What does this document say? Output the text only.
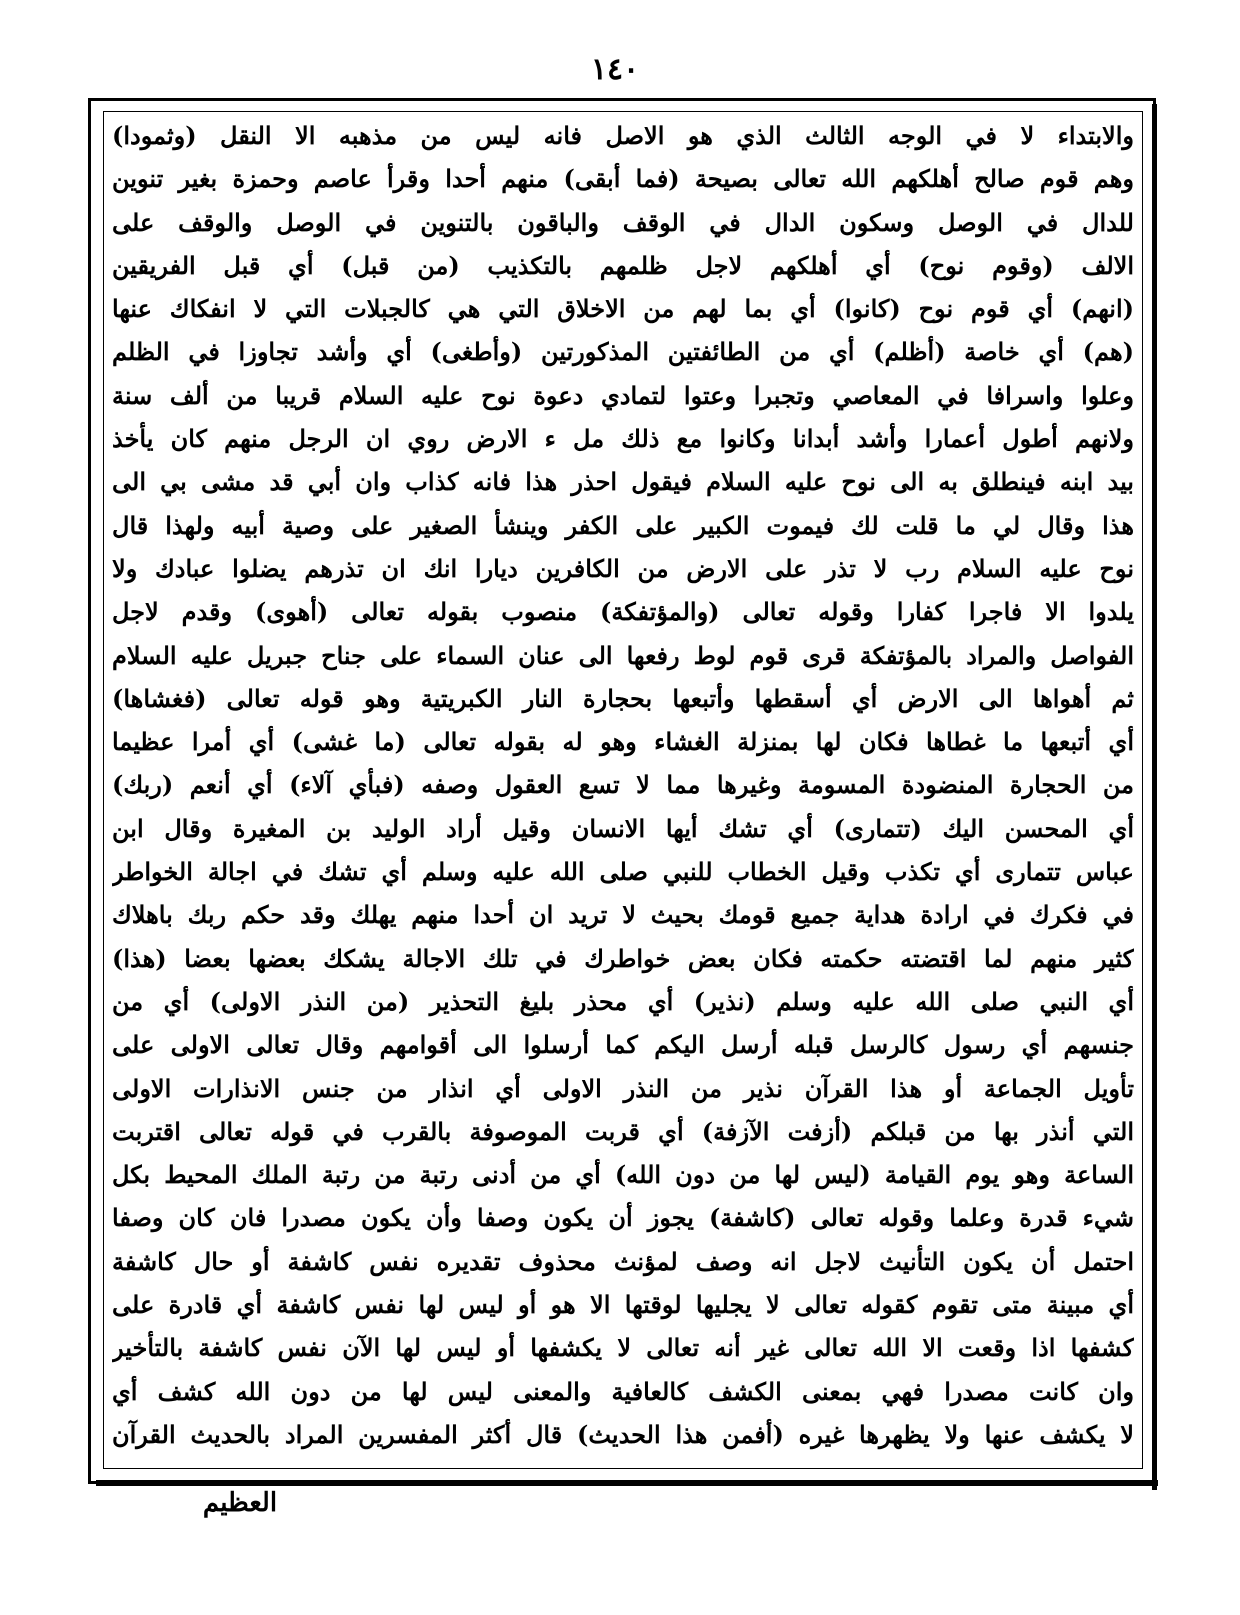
١٤٠
والابتداء لا في الوجه الثالث الذي هو الاصل فانه ليس من مذهبه الا النقل (وثمودا)
وهم قوم صالح أهلكهم الله تعالى بصيحة (فما أبقى) منهم أحدا وقرأ عاصم وحمزة بغير تنوين
للدال في الوصل وسكون الدال في الوقف والباقون بالتنوين في الوصل والوقف على
الالف (وقوم نوح) أي أهلكهم لاجل ظلمهم بالتكذيب (من قبل) أي قبل الفريقين
(انهم) أي قوم نوح (كانوا) أي بما لهم من الاخلاق التي هي كالجبلات التي لا انفكاك عنها
(هم) أي خاصة (أظلم) أي من الطائفتين المذكورتين (وأطغى) أي وأشد تجاوزا في الظلم
وعلوا واسرافا في المعاصي وتجبرا وعتوا لتمادي دعوة نوح عليه السلام قريبا من ألف سنة
ولانهم أطول أعمارا وأشد أبدانا وكانوا مع ذلك مل ء الارض روي ان الرجل منهم كان يأخذ
بيد ابنه فينطلق به الى نوح عليه السلام فيقول احذر هذا فانه كذاب وان أبي قد مشى بي الى
هذا وقال لي ما قلت لك فيموت الكبير على الكفر وينشأ الصغير على وصية أبيه ولهذا قال
نوح عليه السلام رب لا تذر على الارض من الكافرين ديارا انك ان تذرهم يضلوا عبادك ولا
يلدوا الا فاجرا كفارا وقوله تعالى (والمؤتفكة) منصوب بقوله تعالى (أهوى) وقدم لاجل
الفواصل والمراد بالمؤتفكة قرى قوم لوط رفعها الى عنان السماء على جناح جبريل عليه السلام
ثم أهواها الى الارض أي أسقطها وأتبعها بحجارة النار الكبريتية وهو قوله تعالى (فغشاها)
أي أتبعها ما غطاها فكان لها بمنزلة الغشاء وهو له بقوله تعالى (ما غشى) أي أمرا عظيما
من الحجارة المنضودة المسومة وغيرها مما لا تسع العقول وصفه (فبأي آلاء) أي أنعم (ربك)
أي المحسن اليك (تتمارى) أي تشك أيها الانسان وقيل أراد الوليد بن المغيرة وقال ابن
عباس تتمارى أي تكذب وقيل الخطاب للنبي صلى الله عليه وسلم أي تشك في اجالة الخواطر
في فكرك في ارادة هداية جميع قومك بحيث لا تريد ان أحدا منهم يهلك وقد حكم ربك باهلاك
كثير منهم لما اقتضته حكمته فكان بعض خواطرك في تلك الاجالة يشكك بعضها بعضا (هذا)
أي النبي صلى الله عليه وسلم (نذير) أي محذر بليغ التحذير (من النذر الاولى) أي من
جنسهم أي رسول كالرسل قبله أرسل اليكم كما أرسلوا الى أقوامهم وقال تعالى الاولى على
تأويل الجماعة أو هذا القرآن نذير من النذر الاولى أي انذار من جنس الانذارات الاولى
التي أنذر بها من قبلكم (أزفت الآزفة) أي قربت الموصوفة بالقرب في قوله تعالى اقتربت
الساعة وهو يوم القيامة (ليس لها من دون الله) أي من أدنى رتبة من رتبة الملك المحيط بكل
شيء قدرة وعلما وقوله تعالى (كاشفة) يجوز أن يكون وصفا وأن يكون مصدرا فان كان وصفا
احتمل أن يكون التأنيث لاجل انه وصف لمؤنث محذوف تقديره نفس كاشفة أو حال كاشفة
أي مبينة متى تقوم كقوله تعالى لا يجليها لوقتها الا هو أو ليس لها نفس كاشفة أي قادرة على
كشفها اذا وقعت الا الله تعالى غير أنه تعالى لا يكشفها أو ليس لها الآن نفس كاشفة بالتأخير
وان كانت مصدرا فهي بمعنى الكشف كالعافية والمعنى ليس لها من دون الله كشف أي
لا يكشف عنها ولا يظهرها غيره (أفمن هذا الحديث) قال أكثر المفسرين المراد بالحديث القرآن
العظيم
